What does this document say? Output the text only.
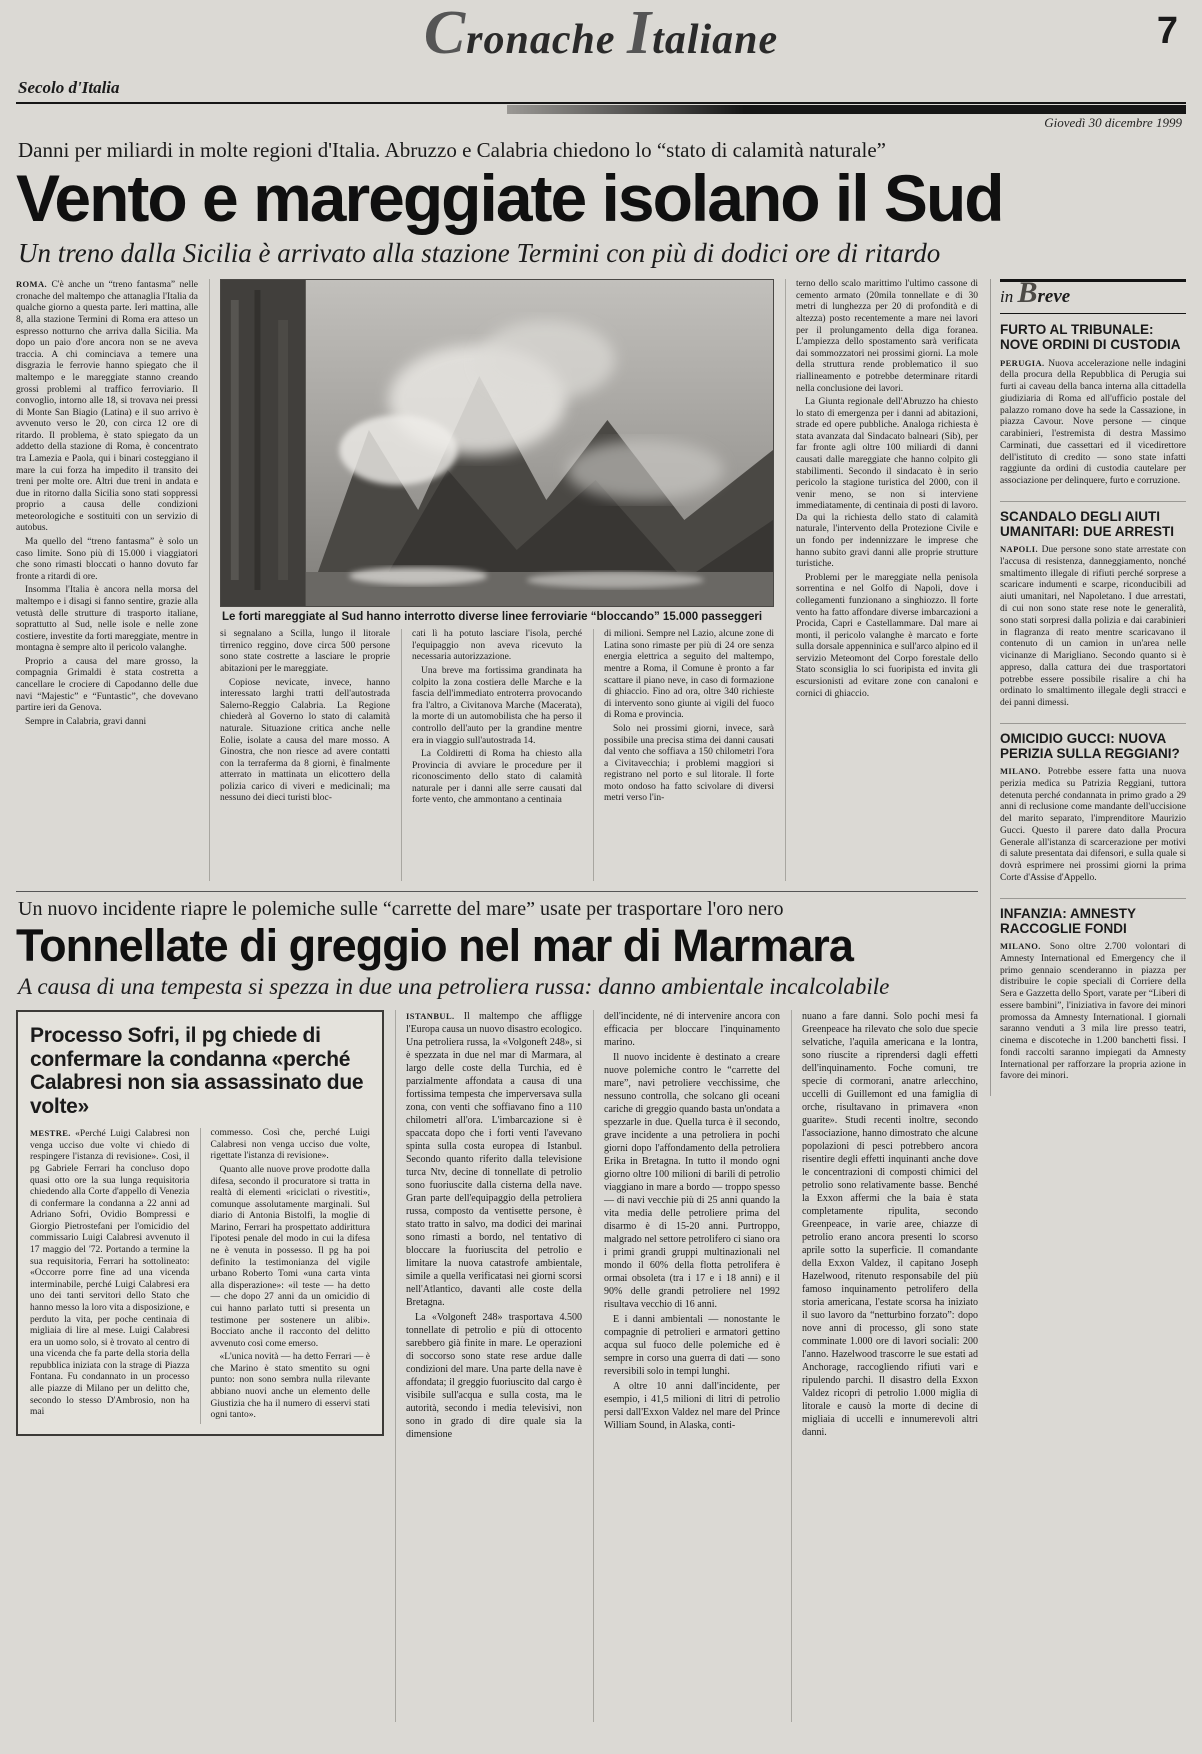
Secolo d'Italia
Cronache Italiane	7
Giovedì 30 dicembre 1999
Danni per miliardi in molte regioni d'Italia. Abruzzo e Calabria chiedono lo “stato di calamità naturale”
Vento e mareggiate isolano il Sud
Un treno dalla Sicilia è arrivato alla stazione Termini con più di dodici ore di ritardo

ROMA. C'è anche un “treno fantasma” nelle cronache del maltempo che attanaglia l'Italia da qualche giorno a questa parte. Ieri mattina, alle 8, alla stazione Termini di Roma era atteso un espresso notturno che arriva dalla Sicilia. Ma dopo un paio d'ore ancora non se ne aveva traccia. A chi cominciava a temere una disgrazia le ferrovie hanno spiegato che il maltempo e le mareggiate stanno creando grossi problemi al traffico ferroviario. Il convoglio, intorno alle 18, si trovava nei pressi di Monte San Biagio (Latina) e il suo arrivo è avvenuto verso le 20, con circa 12 ore di ritardo. Il problema, è stato spiegato da un addetto della stazione di Roma, è concentrato tra Lamezia e Paola, qui i binari costeggiano il mare la cui forza ha impedito il transito dei treni per molte ore. Altri due treni in andata e due in ritorno dalla Sicilia sono stati soppressi proprio a causa delle condizioni meteorologiche e sostituiti con un servizio di autobus.

Ma quello del “treno fantasma” è solo un caso limite. Sono più di 15.000 i viaggiatori che sono rimasti bloccati o hanno dovuto far fronte a ritardi di ore.

Insomma l'Italia è ancora nella morsa del maltempo e i disagi si fanno sentire, grazie alla vetustà delle strutture di trasporto italiane, soprattutto al Sud, nelle isole e nelle zone costiere, investite da forti mareggiate, mentre in montagna è sempre alto il pericolo valanghe.

Proprio a causa del mare grosso, la compagnia Grimaldi è stata costretta a cancellare le crociere di Capodanno delle due navi “Majestic” e “Funtastic”, che dovevano partire ieri da Genova.

Sempre in Calabria, gravi danni

Le forti mareggiate al Sud hanno interrotto diverse linee ferroviarie “bloccando” 15.000 passeggeri

si segnalano a Scilla, lungo il litorale tirrenico reggino, dove circa 500 persone sono state costrette a lasciare le proprie abitazioni per le mareggiate.

Copiose nevicate, invece, hanno interessato larghi tratti dell'autostrada Salerno-Reggio Calabria. La Regione chiederà al Governo lo stato di calamità naturale. Situazione critica anche nelle Eolie, isolate a causa del mare mosso. A Ginostra, che non riesce ad avere contatti con la terraferma da 8 giorni, è finalmente atterrato in mattinata un elicottero della polizia carico di viveri e medicinali; ma nessuno dei dieci turisti bloc-

cati lì ha potuto lasciare l'isola, perché l'equipaggio non aveva ricevuto la necessaria autorizzazione.

Una breve ma fortissima grandinata ha colpito la zona costiera delle Marche e la fascia dell'immediato entroterra provocando fra l'altro, a Civitanova Marche (Macerata), la morte di un automobilista che ha perso il controllo dell'auto per la grandine mentre era in viaggio sull'autostrada 14.

La Coldiretti di Roma ha chiesto alla Provincia di avviare le procedure per il riconoscimento dello stato di calamità naturale per i danni alle serre causati dal forte vento, che ammontano a centinaia

di milioni. Sempre nel Lazio, alcune zone di Latina sono rimaste per più di 24 ore senza energia elettrica a seguito del maltempo, mentre a Roma, il Comune è pronto a far scattare il piano neve, in caso di formazione di ghiaccio. Fino ad ora, oltre 340 richieste di intervento sono giunte ai vigili del fuoco di Roma e provincia.

Solo nei prossimi giorni, invece, sarà possibile una precisa stima dei danni causati dal vento che soffiava a 150 chilometri l'ora a Civitavecchia; i problemi maggiori si registrano nel porto e sul litorale. Il forte moto ondoso ha fatto scivolare di diversi metri verso l'in-

terno dello scalo marittimo l'ultimo cassone di cemento armato (20mila tonnellate e di 30 metri di lunghezza per 20 di profondità e di altezza) posto recentemente a mare nei lavori per il prolungamento della diga foranea. L'ampiezza dello spostamento sarà verificata dai sommozzatori nei prossimi giorni. La mole della struttura rende problematico il suo riallineamento e potrebbe determinare ritardi nella conclusione dei lavori.

La Giunta regionale dell'Abruzzo ha chiesto lo stato di emergenza per i danni ad abitazioni, strade ed opere pubbliche. Analoga richiesta è stata avanzata dal Sindacato balneari (Sib), per far fronte agli oltre 100 miliardi di danni causati dalle mareggiate che hanno colpito gli stabilimenti. Secondo il sindacato è in serio pericolo la stagione turistica del 2000, con il venir meno, se non si interviene immediatamente, di centinaia di posti di lavoro. Da qui la richiesta dello stato di calamità naturale, l'intervento della Protezione Civile e un fondo per indennizzare le imprese che hanno subito gravi danni alle proprie strutture turistiche.

Problemi per le mareggiate nella penisola sorrentina e nel Golfo di Napoli, dove i collegamenti funzionano a singhiozzo. Il forte vento ha fatto affondare diverse imbarcazioni a Procida, Capri e Castellammare. Dal mare ai monti, il pericolo valanghe è marcato e forte sulla dorsale appenninica e sull'arco alpino ed il servizio Meteomont del Corpo forestale dello Stato sconsiglia lo sci fuoripista ed invita gli escursionisti ad evitare zone con canaloni e cornici di ghiaccio.

Un nuovo incidente riapre le polemiche sulle “carrette del mare” usate per trasportare l'oro nero
Tonnellate di greggio nel mar di Marmara
A causa di una tempesta si spezza in due una petroliera russa: danno ambientale incalcolabile
Processo Sofri, il pg chiede di confermare la condanna «perché Calabresi non sia assassinato due volte»

MESTRE. «Perché Luigi Calabresi non venga ucciso due volte vi chiedo di respingere l'istanza di revisione». Così, il pg Gabriele Ferrari ha concluso dopo quasi otto ore la sua lunga requisitoria chiedendo alla Corte d'appello di Venezia di confermare la condanna a 22 anni ad Adriano Sofri, Ovidio Bompressi e Giorgio Pietrostefani per l'omicidio del commissario Luigi Calabresi avvenuto il 17 maggio del '72. Portando a termine la sua requisitoria, Ferrari ha sottolineato: «Occorre porre fine ad una vicenda interminabile, perché Luigi Calabresi era uno dei tanti servitori dello Stato che hanno messo la loro vita a disposizione, e perduto la vita, per poche centinaia di migliaia di lire al mese. Luigi Calabresi era un uomo solo, si è trovato al centro di una vicenda che fa parte della storia della repubblica iniziata con la strage di Piazza Fontana. Fu condannato in un processo alle piazze di Milano per un delitto che, secondo lo stesso D'Ambrosio, non ha mai

commesso. Così che, perché Luigi Calabresi non venga ucciso due volte, rigettate l'istanza di revisione».

Quanto alle nuove prove prodotte dalla difesa, secondo il procuratore si tratta in realtà di elementi «riciclati o rivestiti», comunque assolutamente marginali. Sul diario di Antonia Bistolfi, la moglie di Marino, Ferrari ha prospettato addirittura l'ipotesi penale del modo in cui la difesa ne è venuta in possesso. Il pg ha poi definito la testimonianza del vigile urbano Roberto Tomi «una carta vinta alla disperazione»: «il teste — ha detto — che dopo 27 anni da un omicidio di cui hanno parlato tutti si presenta un testimone per sostenere un alibi». Bocciato anche il racconto del delitto avvenuto così come emerso.

«L'unica novità — ha detto Ferrari — è che Marino è stato smentito su ogni punto: non sono sembra nulla rilevante abbiano nuovi anche un elemento delle Giustizia che ha il numero di esservi stati ogni tanto».

ISTANBUL. Il maltempo che affligge l'Europa causa un nuovo disastro ecologico. Una petroliera russa, la «Volgoneft 248», si è spezzata in due nel mar di Marmara, al largo delle coste della Turchia, ed è parzialmente affondata a causa di una fortissima tempesta che imperversava sulla zona, con venti che soffiavano fino a 110 chilometri all'ora. L'imbarcazione si è spaccata dopo che i forti venti l'avevano spinta sulla costa europea di Istanbul. Secondo quanto riferito dalla televisione turca Ntv, decine di tonnellate di petrolio sono fuoriuscite dalla cisterna della nave. Gran parte dell'equipaggio della petroliera russa, composto da ventisette persone, è stato tratto in salvo, ma dodici dei marinai sono rimasti a bordo, nel tentativo di bloccare la fuoriuscita del petrolio e limitare la nuova catastrofe ambientale, simile a quella verificatasi nei giorni scorsi nell'Atlantico, davanti alle coste della Bretagna.

La «Volgoneft 248» trasportava 4.500 tonnellate di petrolio e più di ottocento sarebbero già finite in mare. Le operazioni di soccorso sono state rese ardue dalle condizioni del mare. Una parte della nave è affondata; il greggio fuoriuscito dal cargo è visibile sull'acqua e sulla costa, ma le autorità, secondo i media televisivi, non sono in grado di dire quale sia la dimensione

dell'incidente, né di intervenire ancora con efficacia per bloccare l'inquinamento marino.

Il nuovo incidente è destinato a creare nuove polemiche contro le “carrette del mare”, navi petroliere vecchissime, che nessuno controlla, che solcano gli oceani cariche di greggio quando basta un'ondata a spezzarle in due. Quella turca è il secondo, grave incidente a una petroliera in pochi giorni dopo l'affondamento della petroliera Erika in Bretagna. In tutto il mondo ogni giorno oltre 100 milioni di barili di petrolio viaggiano in mare a bordo — troppo spesso — di navi vecchie più di 25 anni quando la vita media delle petroliere prima del disarmo è di 15-20 anni. Purtroppo, malgrado nel settore petrolifero ci siano ora i primi grandi gruppi multinazionali nel mondo il 60% della flotta petrolifera è ormai obsoleta (tra i 17 e i 18 anni) e il 90% delle grandi petroliere nel 1992 risultava vecchio di 16 anni.

E i danni ambientali — nonostante le compagnie di petrolieri e armatori gettino acqua sul fuoco delle polemiche ed è sempre in corso una guerra di dati — sono reversibili solo in tempi lunghi.

A oltre 10 anni dall'incidente, per esempio, i 41,5 milioni di litri di petrolio persi dall'Exxon Valdez nel mare del Prince William Sound, in Alaska, conti-

nuano a fare danni. Solo pochi mesi fa Greenpeace ha rilevato che solo due specie selvatiche, l'aquila americana e la lontra, sono riuscite a riprendersi dagli effetti dell'inquinamento. Foche comuni, tre specie di cormorani, anatre arlecchino, uccelli di Guillemont ed una famiglia di orche, risultavano in primavera «non guarite». Studi recenti inoltre, secondo l'associazione, hanno dimostrato che alcune popolazioni di pesci potrebbero ancora risentire degli effetti inquinanti anche dove le concentrazioni di composti chimici del petrolio sono relativamente basse. Benché la Exxon affermi che la baia è stata completamente ripulita, secondo Greenpeace, in varie aree, chiazze di petrolio erano ancora presenti lo scorso aprile sotto la superficie. Il comandante della Exxon Valdez, il capitano Joseph Hazelwood, ritenuto responsabile del più famoso inquinamento petrolifero della storia americana, l'estate scorsa ha iniziato il suo lavoro da “netturbino forzato”: dopo nove anni di processo, gli sono state comminate 1.000 ore di lavori sociali: 200 l'anno. Hazelwood trascorre le sue estati ad Anchorage, raccogliendo rifiuti vari e ripulendo parchi. Il disastro della Exxon Valdez ricoprì di petrolio 1.000 miglia di litorale e causò la morte di decine di migliaia di uccelli e innumerevoli altri danni.

in Breve
FURTO AL TRIBUNALE: NOVE ORDINI DI CUSTODIA
PERUGIA. Nuova accelerazione nelle indagini della procura della Repubblica di Perugia sui furti ai caveau della banca interna alla cittadella giudiziaria di Roma ed all'ufficio postale del palazzo romano dove ha sede la Cassazione, in piazza Cavour. Nove persone — cinque carabinieri, l'estremista di destra Massimo Carminati, due cassettari ed il vicedirettore dell'istituto di credito — sono state infatti raggiunte da ordini di custodia cautelare per associazione per delinquere, furto e corruzione.
SCANDALO DEGLI AIUTI UMANITARI: DUE ARRESTI
NAPOLI. Due persone sono state arrestate con l'accusa di resistenza, danneggiamento, nonché smaltimento illegale di rifiuti perché sorprese a scaricare indumenti e scarpe, riconducibili ad aiuti umanitari, nel Napoletano. I due arrestati, di cui non sono state rese note le generalità, sono stati sorpresi dalla polizia e dai carabinieri in flagranza di reato mentre scaricavano il contenuto di un camion in un'area nelle vicinanze di Marigliano. Secondo quanto si è appreso, dalla cattura dei due trasportatori potrebbe essere possibile risalire a chi ha ordinato lo smaltimento illegale degli stracci e dei panni dimessi.
OMICIDIO GUCCI: NUOVA PERIZIA SULLA REGGIANI?
MILANO. Potrebbe essere fatta una nuova perizia medica su Patrizia Reggiani, tuttora detenuta perché condannata in primo grado a 29 anni di reclusione come mandante dell'uccisione del marito separato, l'imprenditore Maurizio Gucci. Questo il parere dato dalla Procura Generale all'istanza di scarcerazione per motivi di salute presentata dai difensori, e sulla quale si dovrà esprimere nei prossimi giorni la prima Corte d'Assise d'Appello.
INFANZIA: AMNESTY RACCOGLIE FONDI
MILANO. Sono oltre 2.700 volontari di Amnesty International ed Emergency che il primo gennaio scenderanno in piazza per distribuire le copie speciali di Corriere della Sera e Gazzetta dello Sport, varate per “Liberi di essere bambini”, l'iniziativa in favore dei minori promossa da Amnesty International. I giornali saranno venduti a 3 mila lire presso teatri, cinema e discoteche in 1.200 banchetti fissi. I fondi raccolti saranno impiegati da Amnesty International per rafforzare la propria azione in favore dei minori.
